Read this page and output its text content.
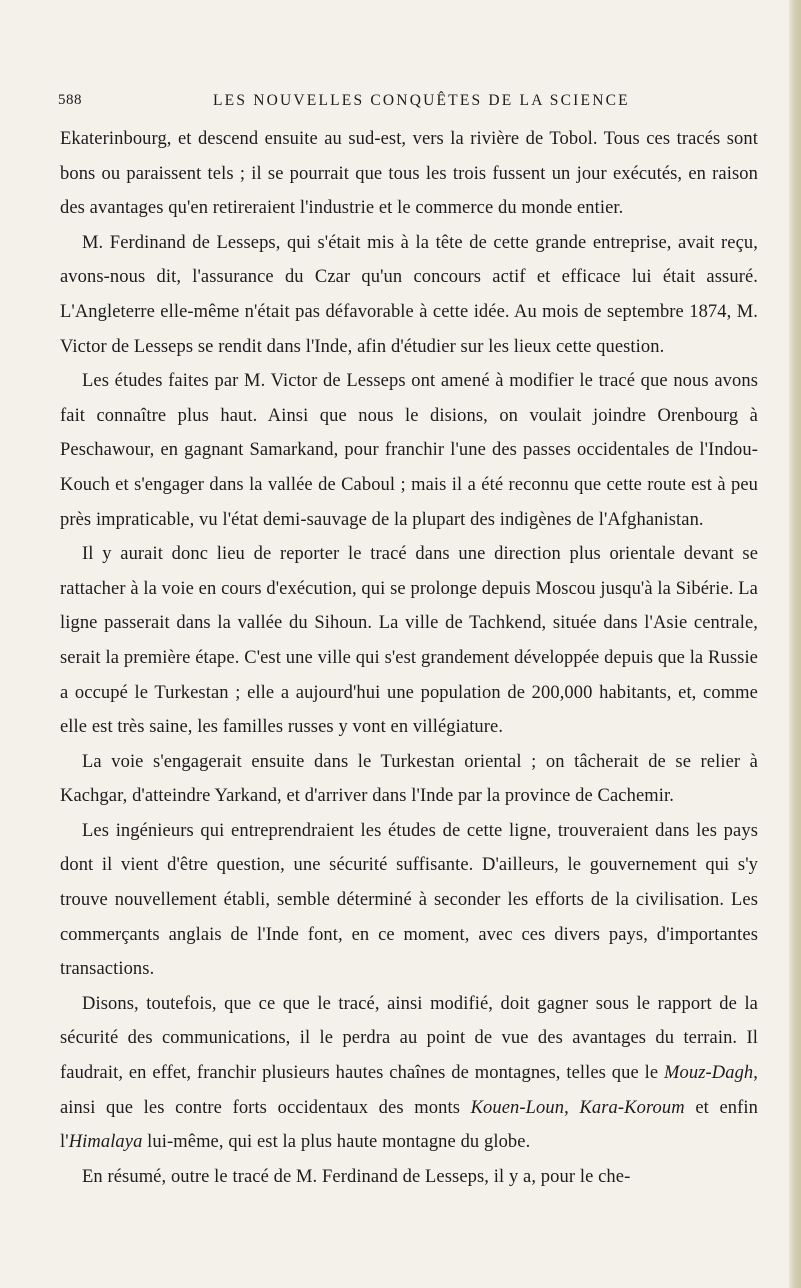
588	LES NOUVELLES CONQUÊTES DE LA SCIENCE

Ekaterinbourg, et descend ensuite au sud-est, vers la rivière de Tobol. Tous ces tracés sont bons ou paraissent tels ; il se pourrait que tous les trois fussent un jour exécutés, en raison des avantages qu'en retireraient l'industrie et le commerce du monde entier.

M. Ferdinand de Lesseps, qui s'était mis à la tête de cette grande entreprise, avait reçu, avons-nous dit, l'assurance du Czar qu'un concours actif et efficace lui était assuré. L'Angleterre elle-même n'était pas défavorable à cette idée. Au mois de septembre 1874, M. Victor de Lesseps se rendit dans l'Inde, afin d'étudier sur les lieux cette question.

Les études faites par M. Victor de Lesseps ont amené à modifier le tracé que nous avons fait connaître plus haut. Ainsi que nous le disions, on voulait joindre Orenbourg à Peschawour, en gagnant Samarkand, pour franchir l'une des passes occidentales de l'Indou-Kouch et s'engager dans la vallée de Caboul ; mais il a été reconnu que cette route est à peu près impraticable, vu l'état demi-sauvage de la plupart des indigènes de l'Afghanistan.

Il y aurait donc lieu de reporter le tracé dans une direction plus orientale devant se rattacher à la voie en cours d'exécution, qui se prolonge depuis Moscou jusqu'à la Sibérie. La ligne passerait dans la vallée du Sihoun. La ville de Tachkend, située dans l'Asie centrale, serait la première étape. C'est une ville qui s'est grandement développée depuis que la Russie a occupé le Turkestan ; elle a aujourd'hui une population de 200,000 habitants, et, comme elle est très saine, les familles russes y vont en villégiature.

La voie s'engagerait ensuite dans le Turkestan oriental ; on tâcherait de se relier à Kachgar, d'atteindre Yarkand, et d'arriver dans l'Inde par la province de Cachemir.

Les ingénieurs qui entreprendraient les études de cette ligne, trouveraient dans les pays dont il vient d'être question, une sécurité suffisante. D'ailleurs, le gouvernement qui s'y trouve nouvellement établi, semble déterminé à seconder les efforts de la civilisation. Les commerçants anglais de l'Inde font, en ce moment, avec ces divers pays, d'importantes transactions.

Disons, toutefois, que ce que le tracé, ainsi modifié, doit gagner sous le rapport de la sécurité des communications, il le perdra au point de vue des avantages du terrain. Il faudrait, en effet, franchir plusieurs hautes chaînes de montagnes, telles que le Mouz-Dagh, ainsi que les contre forts occidentaux des monts Kouen-Loun, Kara-Koroum et enfin l'Himalaya lui-même, qui est la plus haute montagne du globe.

En résumé, outre le tracé de M. Ferdinand de Lesseps, il y a, pour le che-
